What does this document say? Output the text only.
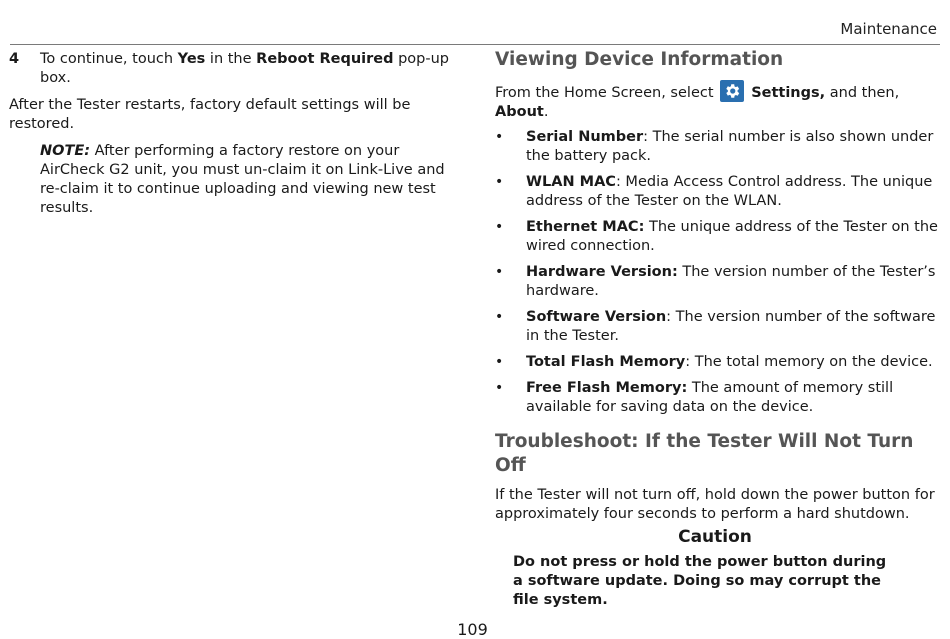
Maintenance
4	To continue, touch Yes in the Reboot Required pop-up box.
After the Tester restarts, factory default settings will be restored.
NOTE: After performing a factory restore on your AirCheck G2 unit, you must un-claim it on Link-Live and re-claim it to continue uploading and viewing new test results.
Viewing Device Information
From the Home Screen, select
Settings, and then, About.
•	Serial Number: The serial number is also shown under the battery pack.
•	WLAN MAC: Media Access Control address. The unique address of the Tester on the WLAN.
•	Ethernet MAC: The unique address of the Tester on the wired connection.
•	Hardware Version: The version number of the Tester’s hardware.
•	Software Version: The version number of the software in the Tester.
•	Total Flash Memory: The total memory on the device.
•	Free Flash Memory: The amount of memory still available for saving data on the device.
Troubleshoot: If the Tester Will Not Turn Off
If the Tester will not turn off, hold down the power button for approximately four seconds to perform a hard shutdown.
Caution
Do not press or hold the power button during a software update. Doing so may corrupt the file system.
109
